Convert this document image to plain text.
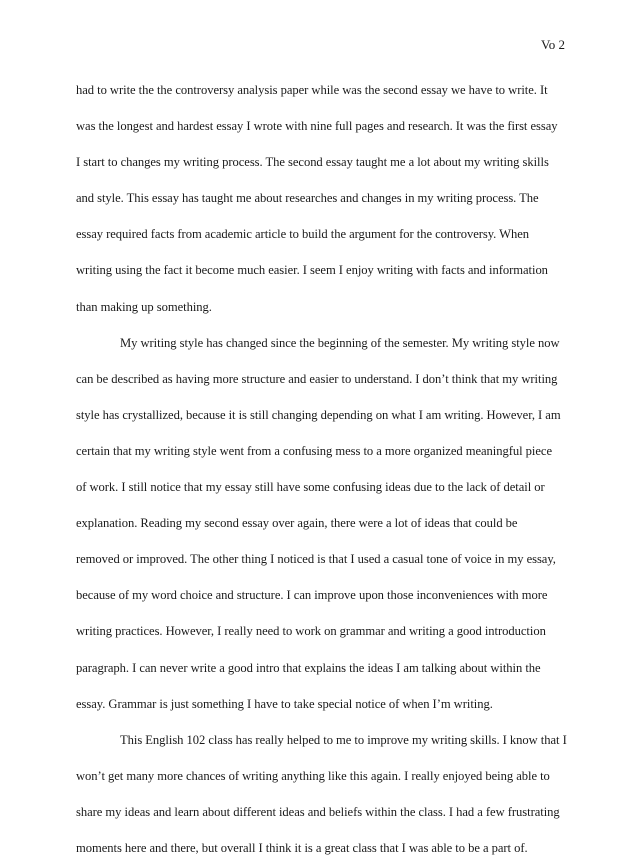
Vo 2
had to write the the controversy analysis paper while was the second essay we have to write. It
was the longest and hardest essay I wrote with nine full pages and research. It was the first essay
I start to changes my writing process. The second essay taught me a lot about my writing skills
and style. This essay has taught me about researches and changes in my writing process. The
essay required facts from academic article to build the argument for the controversy. When
writing using the fact it become much easier. I seem I enjoy writing with facts and information
than making up something.
My writing style has changed since the beginning of the semester. My writing style now
can be described as having more structure and easier to understand. I don’t think that my writing
style has crystallized, because it is still changing depending on what I am writing. However, I am
certain that my writing style went from a confusing mess to a more organized meaningful piece
of work. I still notice that my essay still have some confusing ideas due to the lack of detail or
explanation. Reading my second essay over again, there were a lot of ideas that could be
removed or improved. The other thing I noticed is that I used a casual tone of voice in my essay,
because of my word choice and structure. I can improve upon those inconveniences with more
writing practices. However, I really need to work on grammar and writing a good introduction
paragraph. I can never write a good intro that explains the ideas I am talking about within the
essay. Grammar is just something I have to take special notice of when I’m writing.
This English 102 class has really helped to me to improve my writing skills. I know that I
won’t get many more chances of writing anything like this again. I really enjoyed being able to
share my ideas and learn about different ideas and beliefs within the class. I had a few frustrating
moments here and there, but overall I think it is a great class that I was able to be a part of.
